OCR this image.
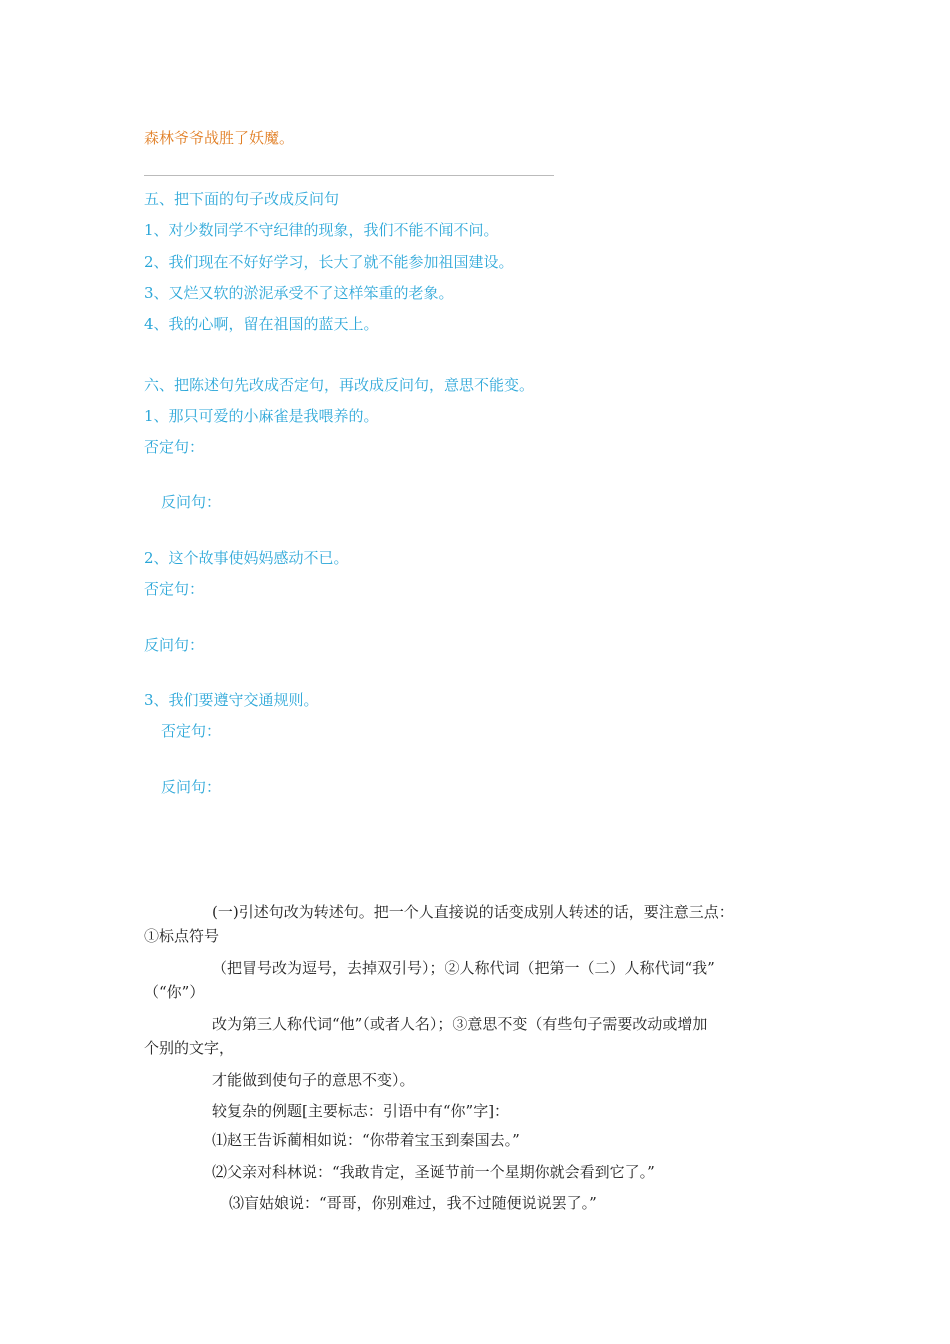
森林爷爷战胜了妖魔。
五、把下面的句子改成反问句
1、对少数同学不守纪律的现象，我们不能不闻不问。
2、我们现在不好好学习，长大了就不能参加祖国建设。
3、又烂又软的淤泥承受不了这样笨重的老象。
4、我的心啊，留在祖国的蓝天上。
六、把陈述句先改成否定句，再改成反问句，意思不能变。
1、那只可爱的小麻雀是我喂养的。
否定句：
反问句：
2、这个故事使妈妈感动不已。
否定句：
反问句：
3、我们要遵守交通规则。
否定句：
反问句：
(一)引述句改为转述句。把一个人直接说的话变成别人转述的话，要注意三点：
①标点符号
（把冒号改为逗号，去掉双引号）；②人称代词（把第一（二）人称代词“我”
（“你”）
改为第三人称代词“他”（或者人名）；③意思不变（有些句子需要改动或增加
个别的文字，
才能做到使句子的意思不变）。
较复杂的例题[主要标志：引语中有“你”字]：
⑴赵王告诉蔺相如说：“你带着宝玉到秦国去。”
⑵父亲对科林说：“我敢肯定，圣诞节前一个星期你就会看到它了。”
⑶盲姑娘说：“哥哥，你别难过，我不过随便说说罢了。”
